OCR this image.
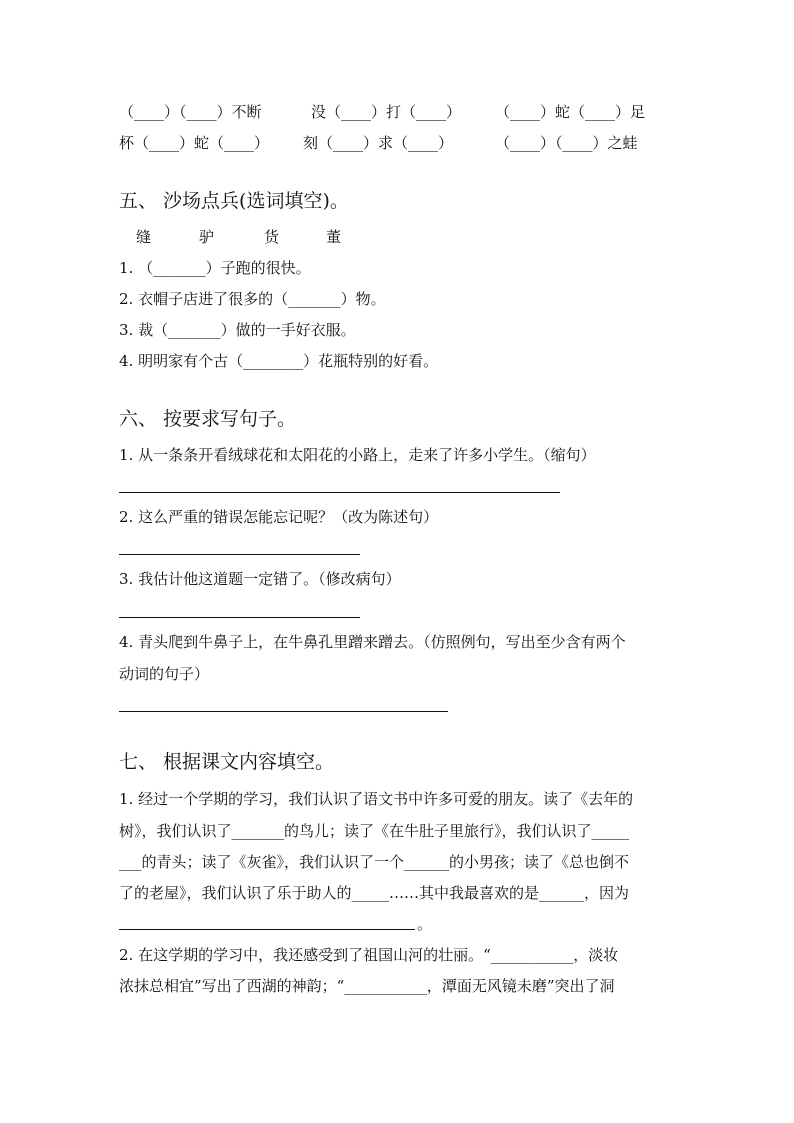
（____）（____）不断	没（____）打（____） （____）蛇（____）足
杯（____）蛇（____） 刻（____）求（____）	（____）（____）之蛙
五、 沙场点兵(选词填空)。
缝	驴	货	董
1. （_______）子跑的很快。
2. 衣帽子店进了很多的（_______）物。
3. 裁（_______）做的一手好衣服。
4. 明明家有个古（________）花瓶特别的好看。
六、 按要求写句子。
1. 从一条条开看绒球花和太阳花的小路上，走来了许多小学生。（缩句）
2. 这么严重的错误怎能忘记呢？（改为陈述句）
3. 我估计他这道题一定错了。（修改病句）
4. 青头爬到牛鼻子上，在牛鼻孔里蹭来蹭去。（仿照例句，写出至少含有两个
动词的句子）
七、 根据课文内容填空。
1. 经过一个学期的学习，我们认识了语文书中许多可爱的朋友。读了《去年的
树》，我们认识了_______的鸟儿；读了《在牛肚子里旅行》，我们认识了_____
___的青头；读了《灰雀》，我们认识了一个______的小男孩；读了《总也倒不
了的老屋》，我们认识了乐于助人的_____……其中我最喜欢的是______，因为
。
2. 在这学期的学习中，我还感受到了祖国山河的壮丽。“___________，淡妆
浓抹总相宜”写出了西湖的神韵；“___________，潭面无风镜未磨”突出了洞
